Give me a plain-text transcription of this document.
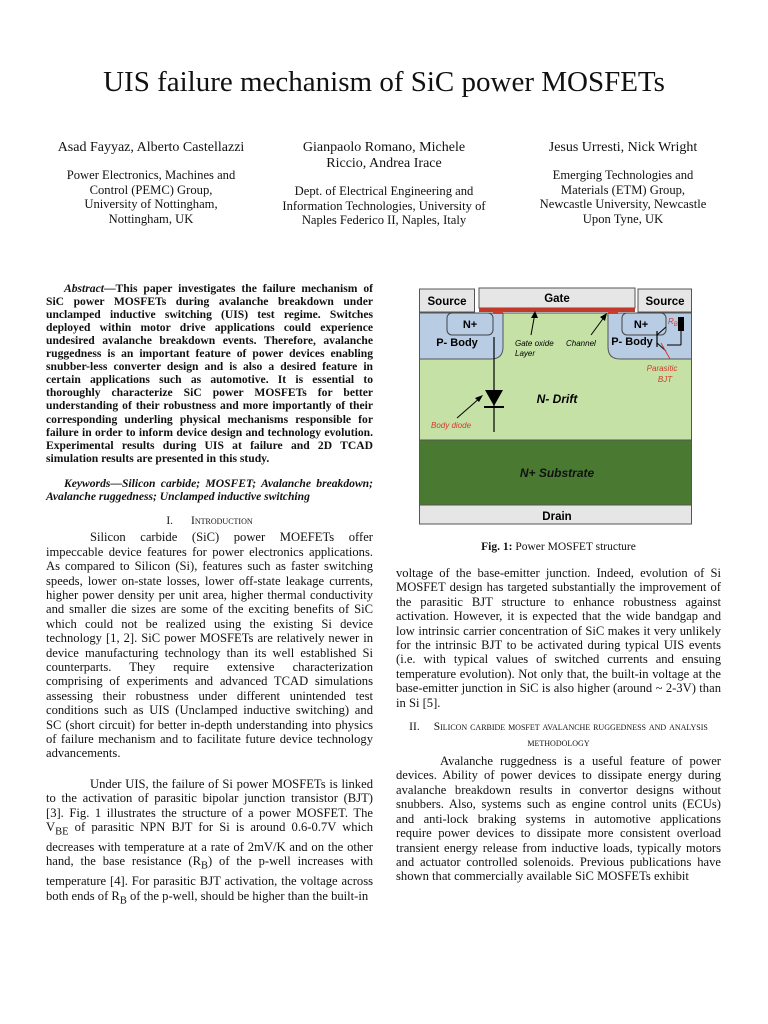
UIS failure mechanism of SiC power MOSFETs
Asad Fayyaz, Alberto Castellazzi
Power Electronics, Machines and Control (PEMC) Group, University of Nottingham, Nottingham, UK
Gianpaolo Romano, Michele Riccio, Andrea Irace
Dept. of Electrical Engineering and Information Technologies, University of Naples Federico II, Naples, Italy
Jesus Urresti, Nick Wright
Emerging Technologies and Materials (ETM) Group, Newcastle University, Newcastle Upon Tyne, UK

Abstract—This paper investigates the failure mechanism of SiC power MOSFETs during avalanche breakdown under unclamped inductive switching (UIS) test regime. Switches deployed within motor drive applications could experience undesired avalanche breakdown events. Therefore, avalanche ruggedness is an important feature of power devices enabling snubber-less converter design and is also a desired feature in certain applications such as automotive. It is essential to thoroughly characterize SiC power MOSFETs for better understanding of their robustness and more importantly of their corresponding underling physical mechanisms responsible for failure in order to inform device design and technology evolution. Experimental results during UIS at failure and 2D TCAD simulation results are presented in this study.

Keywords—Silicon carbide; MOSFET; Avalanche breakdown; Avalanche ruggedness; Unclamped inductive switching

I. Introduction

Silicon carbide (SiC) power MOEFETs offer impeccable device features for power electronics applications. As compared to Silicon (Si), features such as faster switching speeds, lower on-state losses, lower off-state leakage currents, higher power density per unit area, higher thermal conductivity and smaller die sizes are some of the exciting benefits of SiC which could not be realized using the existing Si device technology [1, 2]. SiC power MOSFETs are relatively newer in device manufacturing technology than its well established Si counterparts. They require extensive characterization comprising of experiments and advanced TCAD simulations assessing their robustness under different unintended test conditions such as UIS (Unclamped inductive switching) and SC (short circuit) for better in-depth understanding into physics of failure mechanism and to facilitate future device technology advancements.

Under UIS, the failure of Si power MOSFETs is linked to the activation of parasitic bipolar junction transistor (BJT) [3]. Fig. 1 illustrates the structure of a power MOSFET. The $V_{BE}$ of parasitic NPN BJT for Si is around 0.6-0.7V which decreases with temperature at a rate of 2mV/K and on the other hand, the base resistance $(R_B)$ of the p-well increases with temperature [4]. For parasitic BJT activation, the voltage across both ends of $R_B$ of the p-well, should be higher than the built-in

Source	Gate	Source
N+	N+
P- Body	P- Body
$R_B$
Gate oxide
Layer
Channel
Parasitic
BJT
N- Drift
Body diode
N+ Substrate
Drain
Fig. 1: Power MOSFET structure

voltage of the base-emitter junction. Indeed, evolution of Si MOSFET design has targeted substantially the improvement of the parasitic BJT structure to enhance robustness against activation. However, it is expected that the wide bandgap and low intrinsic carrier concentration of SiC makes it very unlikely for the intrinsic BJT to be activated during typical UIS events (i.e. with typical values of switched currents and ensuing temperature evolution). Not only that, the built-in voltage at the base-emitter junction in SiC is also higher (around ~ 2-3V) than in Si [5].

II. Silicon carbide mosfet avalanche ruggedness and analysis methodology

Avalanche ruggedness is a useful feature of power devices. Ability of power devices to dissipate energy during avalanche breakdown results in convertor designs without snubbers. Also, systems such as engine control units (ECUs) and anti-lock braking systems in automotive applications require power devices to dissipate more consistent overload transient energy release from inductive loads, typically motors and actuator controlled solenoids. Previous publications have shown that commercially available SiC MOSFETs exhibit
